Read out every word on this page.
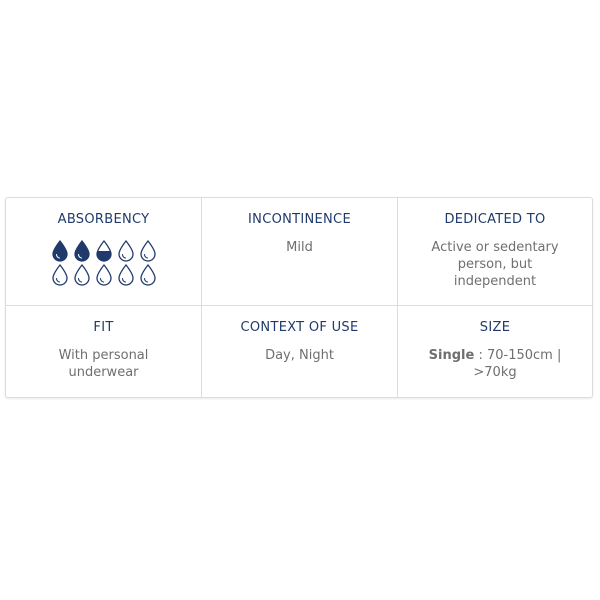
ABSORBENCY	INCONTINENCE
Mild
DEDICATED TO
Active or sedentary person, but independent
FIT
With personal underwear
CONTEXT OF USE
Day, Night
SIZE
Single : 70-150cm | >70kg
